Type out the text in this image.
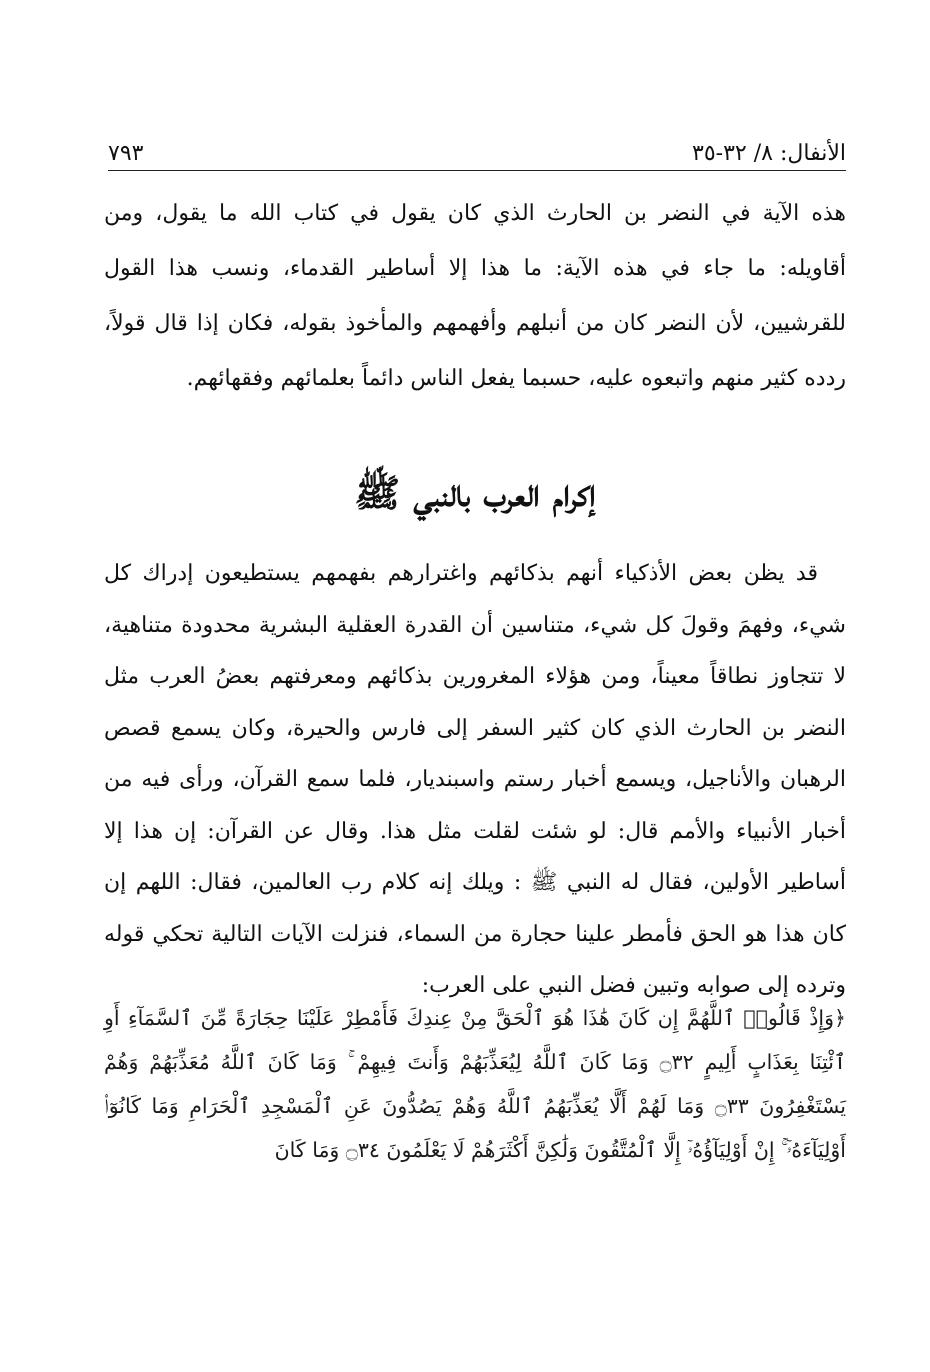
الأنفال: ٨/ ٣٢-٣٥
٧٩٣

هذه الآية في النضر بن الحارث الذي كان يقول في كتاب الله ما يقول، ومن أقاويله: ما جاء في هذه الآية: ما هذا إلا أساطير القدماء، ونسب هذا القول للقرشيين، لأن النضر كان من أنبلهم وأفهمهم والمأخوذ بقوله، فكان إذا قال قولاً، ردده كثير منهم واتبعوه عليه، حسبما يفعل الناس دائماً بعلمائهم وفقهائهم.

إكرام العرب بالنبي ﷺ

قد يظن بعض الأذكياء أنهم بذكائهم واغترارهم بفهمهم يستطيعون إدراك كل شيء، وفهمَ وقولَ كل شيء، متناسين أن القدرة العقلية البشرية محدودة متناهية، لا تتجاوز نطاقاً معيناً، ومن هؤلاء المغرورين بذكائهم ومعرفتهم بعضُ العرب مثل النضر بن الحارث الذي كان كثير السفر إلى فارس والحيرة، وكان يسمع قصص الرهبان والأناجيل، ويسمع أخبار رستم واسبنديار، فلما سمع القرآن، ورأى فيه من أخبار الأنبياء والأمم قال: لو شئت لقلت مثل هذا. وقال عن القرآن: إن هذا إلا أساطير الأولين، فقال له النبي ﷺ : ويلك إنه كلام رب العالمين، فقال: اللهم إن كان هذا هو الحق فأمطر علينا حجارة من السماء، فنزلت الآيات التالية تحكي قوله وترده إلى صوابه وتبين فضل النبي على العرب:

﴿وَإِذْ قَالُوا۟ ٱللَّهُمَّ إِن كَانَ هَٰذَا هُوَ ٱلْحَقَّ مِنْ عِندِكَ فَأَمْطِرْ عَلَيْنَا حِجَارَةً مِّنَ ٱلسَّمَآءِ أَوِ ٱئْتِنَا بِعَذَابٍ أَلِيمٍ ۝٣٢ وَمَا كَانَ ٱللَّهُ لِيُعَذِّبَهُمْ وَأَنتَ فِيهِمْ ۚ وَمَا كَانَ ٱللَّهُ مُعَذِّبَهُمْ وَهُمْ يَسْتَغْفِرُونَ ۝٣٣ وَمَا لَهُمْ أَلَّا يُعَذِّبَهُمُ ٱللَّهُ وَهُمْ يَصُدُّونَ عَنِ ٱلْمَسْجِدِ ٱلْحَرَامِ وَمَا كَانُوٓا۟ أَوْلِيَآءَهُۥٓ ۚ إِنْ أَوْلِيَآؤُهُۥٓ إِلَّا ٱلْمُتَّقُونَ وَلَٰكِنَّ أَكْثَرَهُمْ لَا يَعْلَمُونَ ۝٣٤ وَمَا كَانَ
